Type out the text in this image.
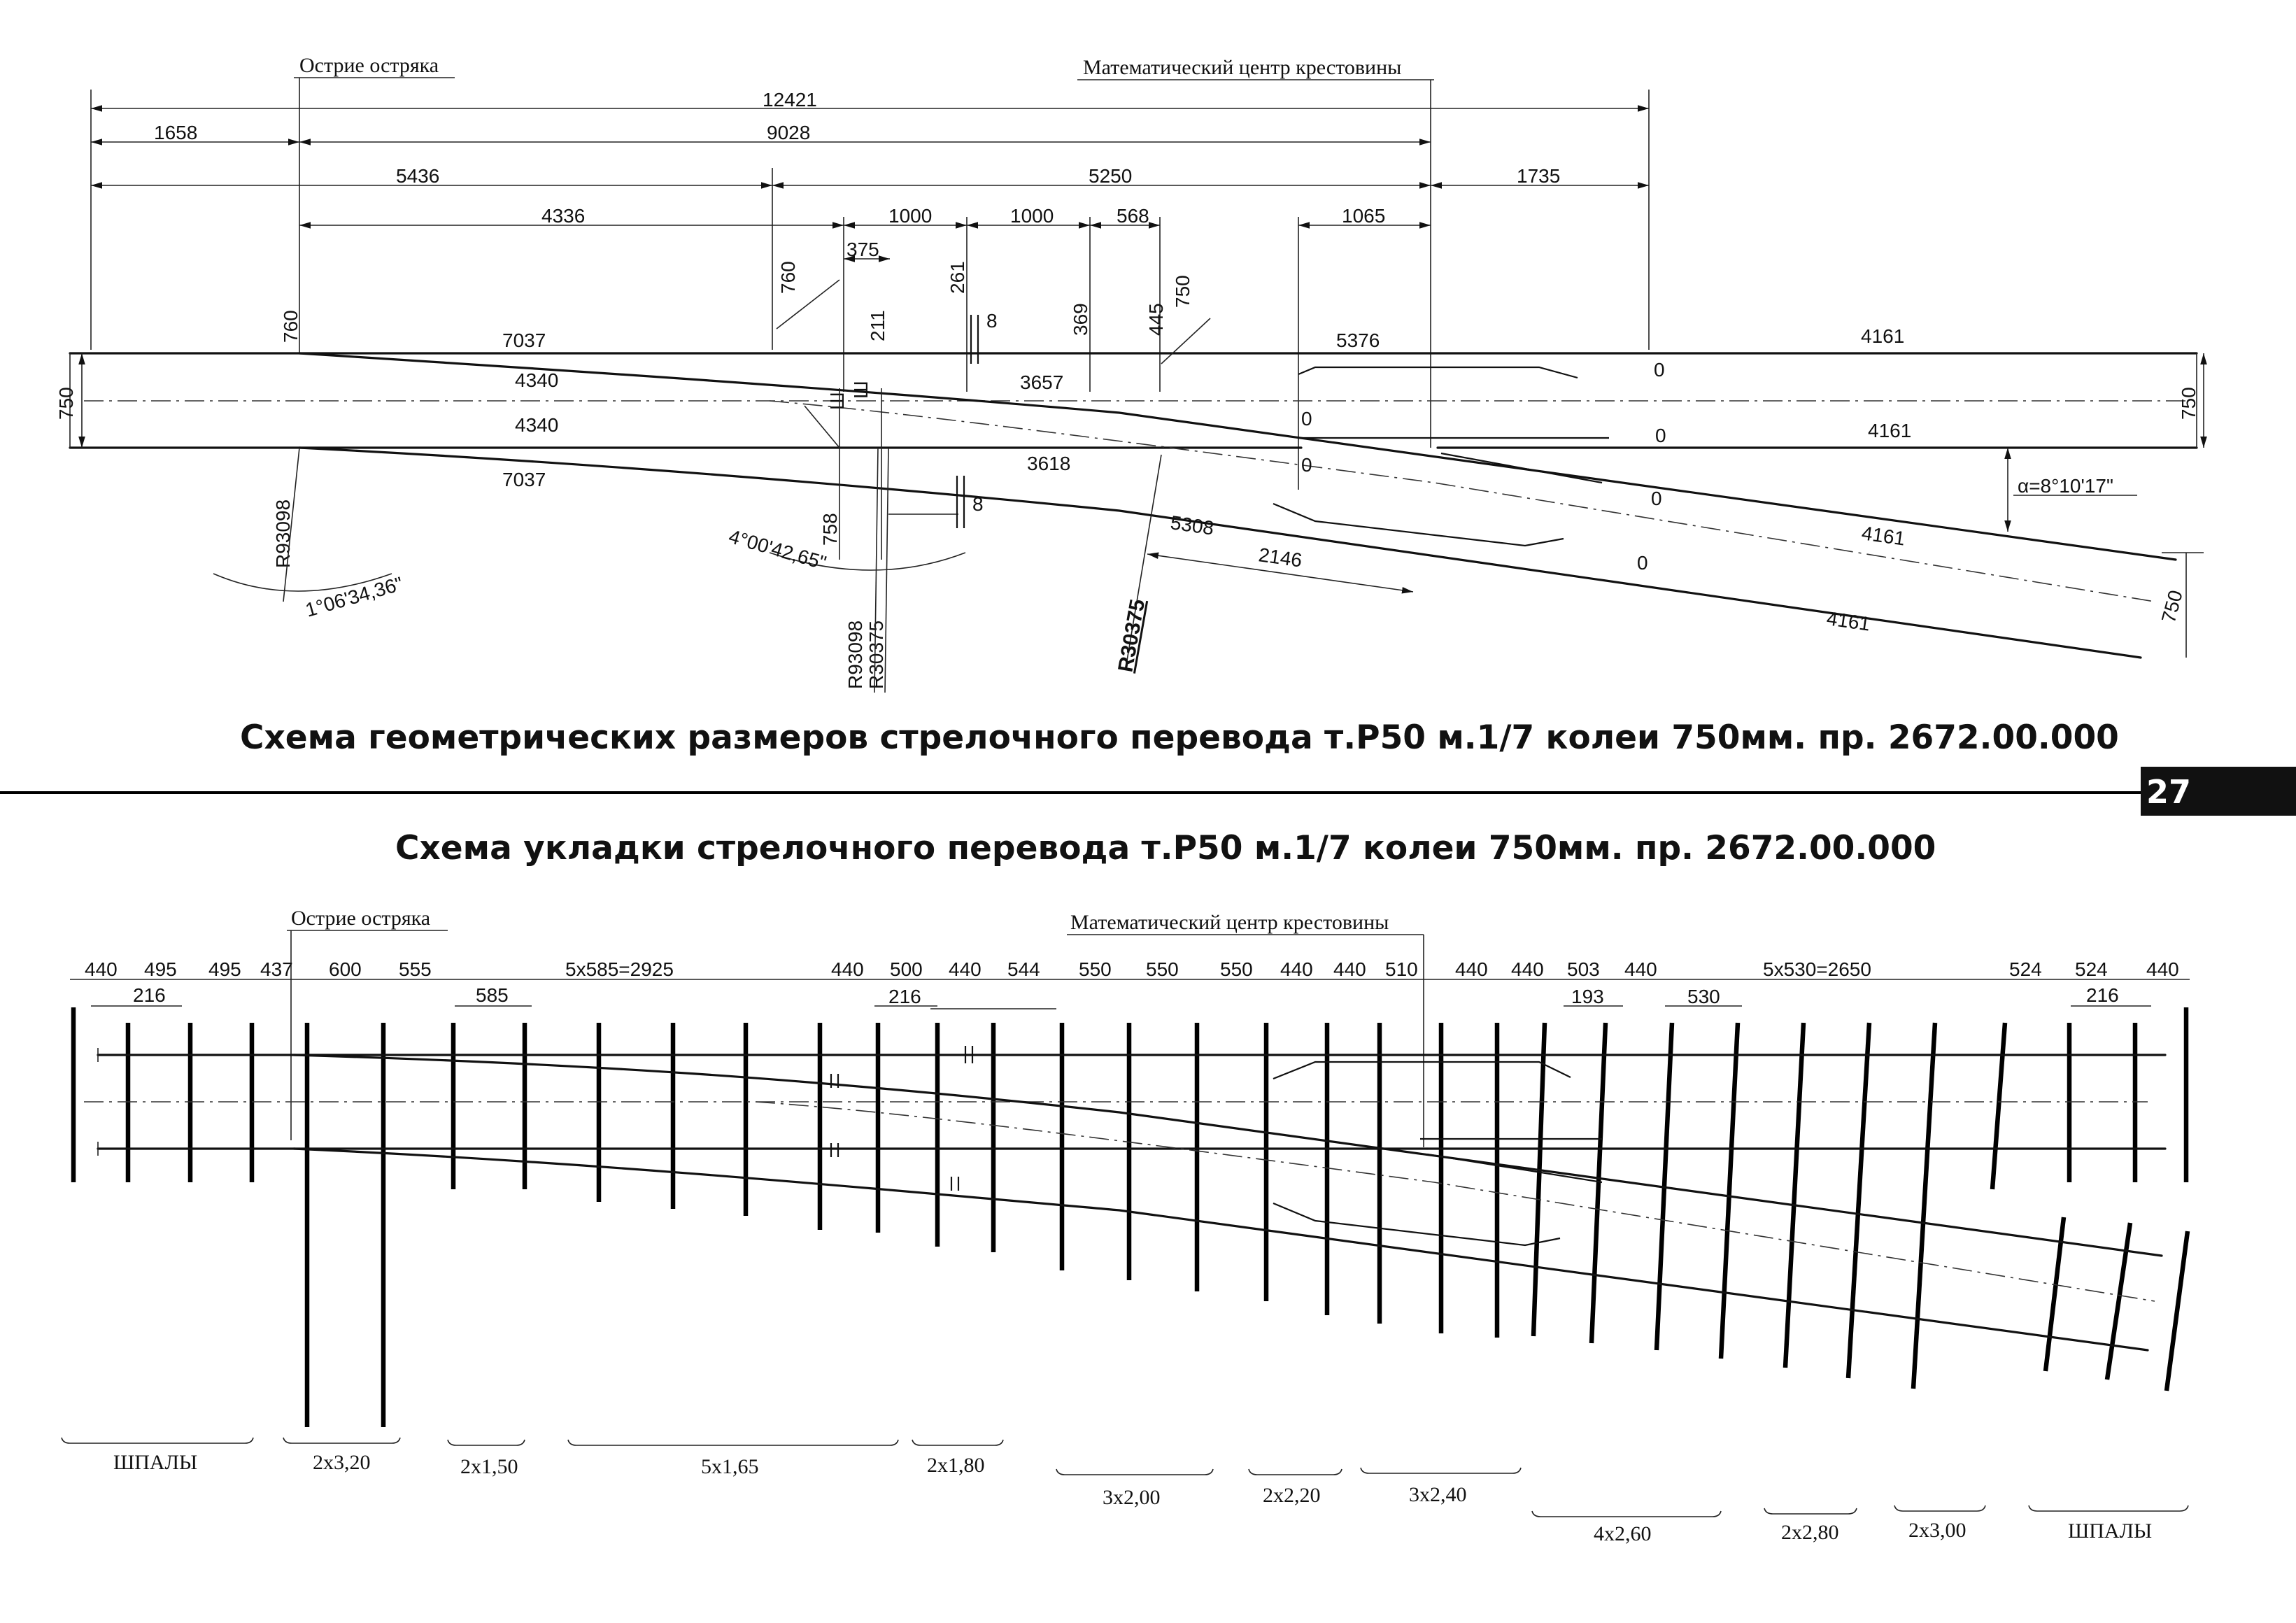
Острие остряка	Математический центр крестовины
12421
1658	9028
5436	5250	1735
4336	1000	1000	568	1065
375
750	750
750
760
261
369	445
750
211	8
760
7037
4340
4340
7037
3657
3618
5376
5308
2146
4161
4161
4161
4161
0
0
0
0
0
0
Ш
Ш
8
758
R93098
R93098 R30375	R30375
1°06'34,36"
4°00'42,65"
α=8°10'17"
Схема геометрических размеров стрелочного перевода т.Р50 м.1/7 колеи 750мм. пр. 2672.00.000
27
Схема укладки стрелочного перевода т.Р50 м.1/7 колеи 750мм. пр. 2672.00.000
Острие остряка	Математический центр крестовины
440 495 495 437 600 555	5x585=2925	440 500 440 544 550 550 550 440 440 510 440 440 503 440	5x530=2650	524 524 440
216	585	216	193	530	216
ШПАЛЫ	2х3,20	2х1,50	5х1,65	2х1,80
3х2,00	2х2,20	3х2,40
4х2,60	2х2,80	2х3,00	ШПАЛЫ
